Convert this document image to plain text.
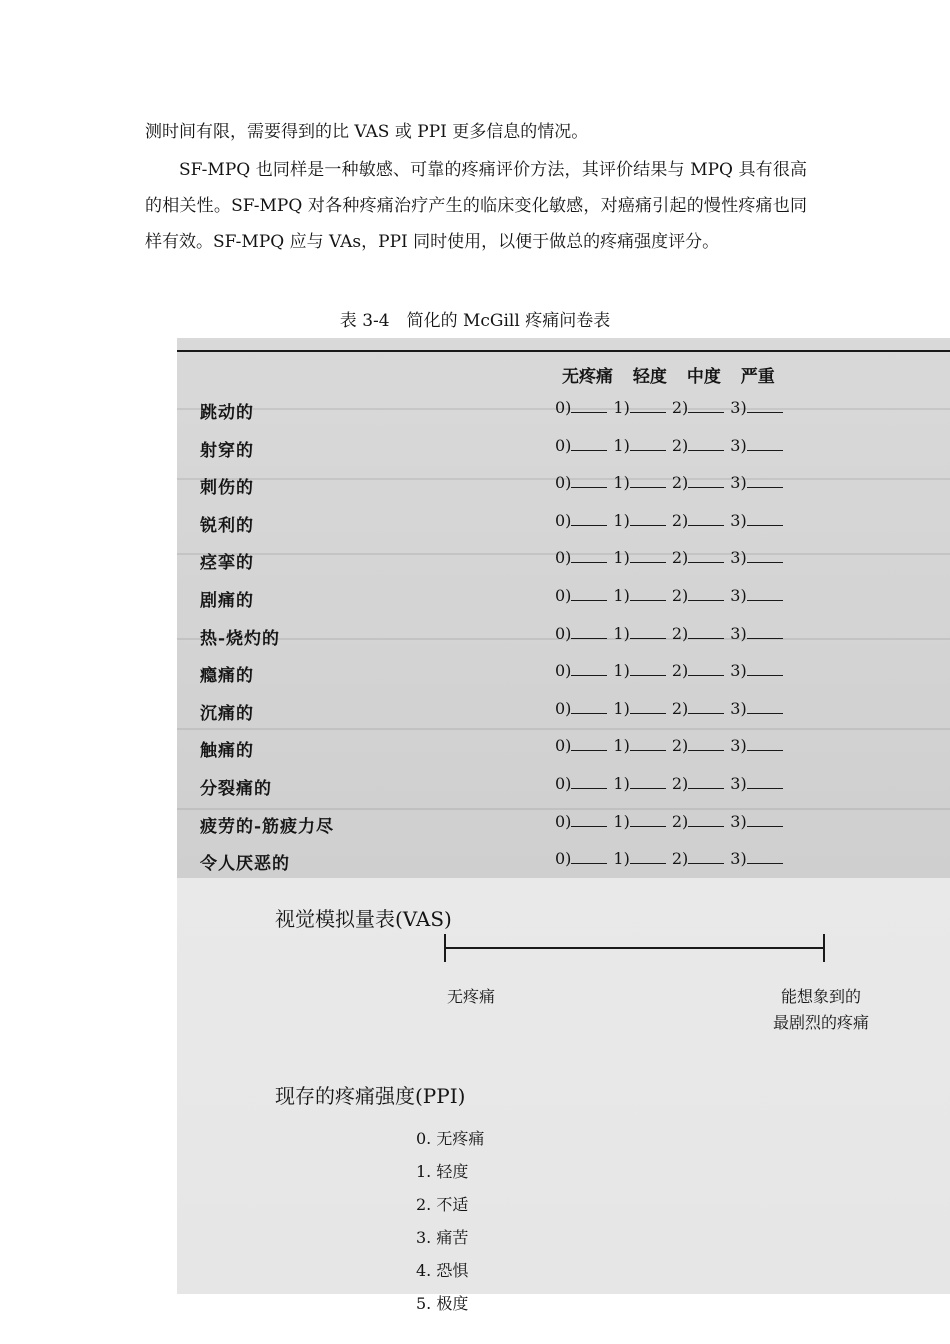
测时间有限，需要得到的比 VAS 或 PPI 更多信息的情况。

SF-MPQ 也同样是一种敏感、可靠的疼痛评价方法，其评价结果与 MPQ 具有很高的相关性。SF-MPQ 对各种疼痛治疗产生的临床变化敏感，对癌痛引起的慢性疼痛也同样有效。SF-MPQ 应与 VAs，PPI 同时使用，以便于做总的疼痛强度评分。

表 3-4　简化的 McGill 疼痛问卷表
无疼痛 轻度 中度 严重
跳动的	0)	1)	2)	3)
射穿的	0)	1)	2)	3)
刺伤的	0)	1)	2)	3)
锐利的	0)	1)	2)	3)
痉挛的	0)	1)	2)	3)
剧痛的	0)	1)	2)	3)
热-烧灼的	0)	1)	2)	3)
瘾痛的	0)	1)	2)	3)
沉痛的	0)	1)	2)	3)
触痛的	0)	1)	2)	3)
分裂痛的	0)	1)	2)	3)
疲劳的-筋疲力尽	0)	1)	2)	3)
令人厌恶的	0)	1)	2)	3)
视觉模拟量表(VAS)
无疼痛	能想象到的
最剧烈的疼痛
现存的疼痛强度(PPI)
0. 无疼痛
1. 轻度
2. 不适
3. 痛苦
4. 恐惧
5. 极度
